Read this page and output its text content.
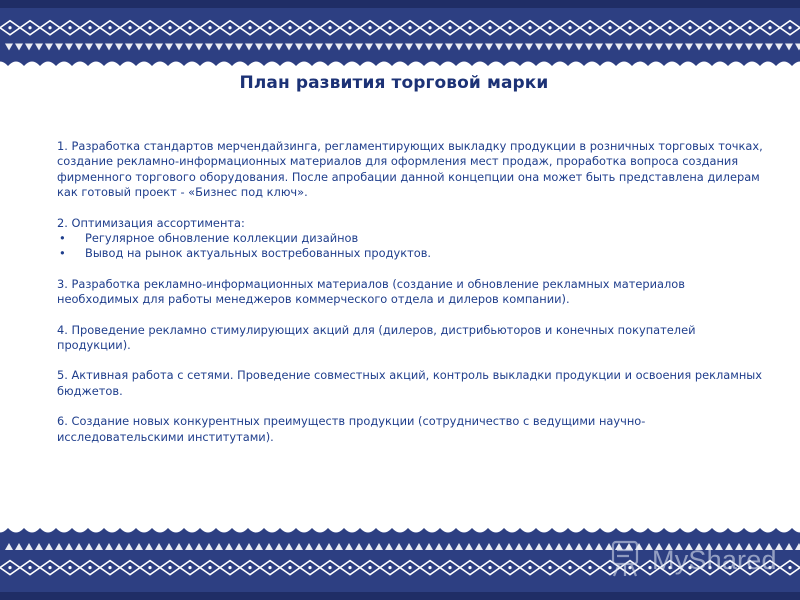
План развития торговой марки

1. Разработка стандартов мерчендайзинга, регламентирующих выкладку продукции в розничных торговых точках, создание рекламно-информационных материалов для оформления мест продаж, проработка вопроса создания фирменного торгового оборудования. После апробации данной концепции она может быть представлена дилерам как готовый проект - «Бизнес под ключ».

2. Оптимизация ассортимента:

• Регулярное обновление коллекции дизайнов
• Вывод на рынок актуальных востребованных продуктов.

3. Разработка рекламно-информационных материалов (создание и обновление рекламных материалов необходимых для работы менеджеров коммерческого отдела и дилеров компании).

4. Проведение рекламно стимулирующих акций для (дилеров, дистрибьюторов и конечных покупателей продукции).

5. Активная работа с сетями. Проведение совместных акций, контроль выкладки продукции и освоения рекламных бюджетов.

6. Создание новых конкурентных преимуществ продукции (сотрудничество с ведущими научно-исследовательскими институтами).

MyShared
